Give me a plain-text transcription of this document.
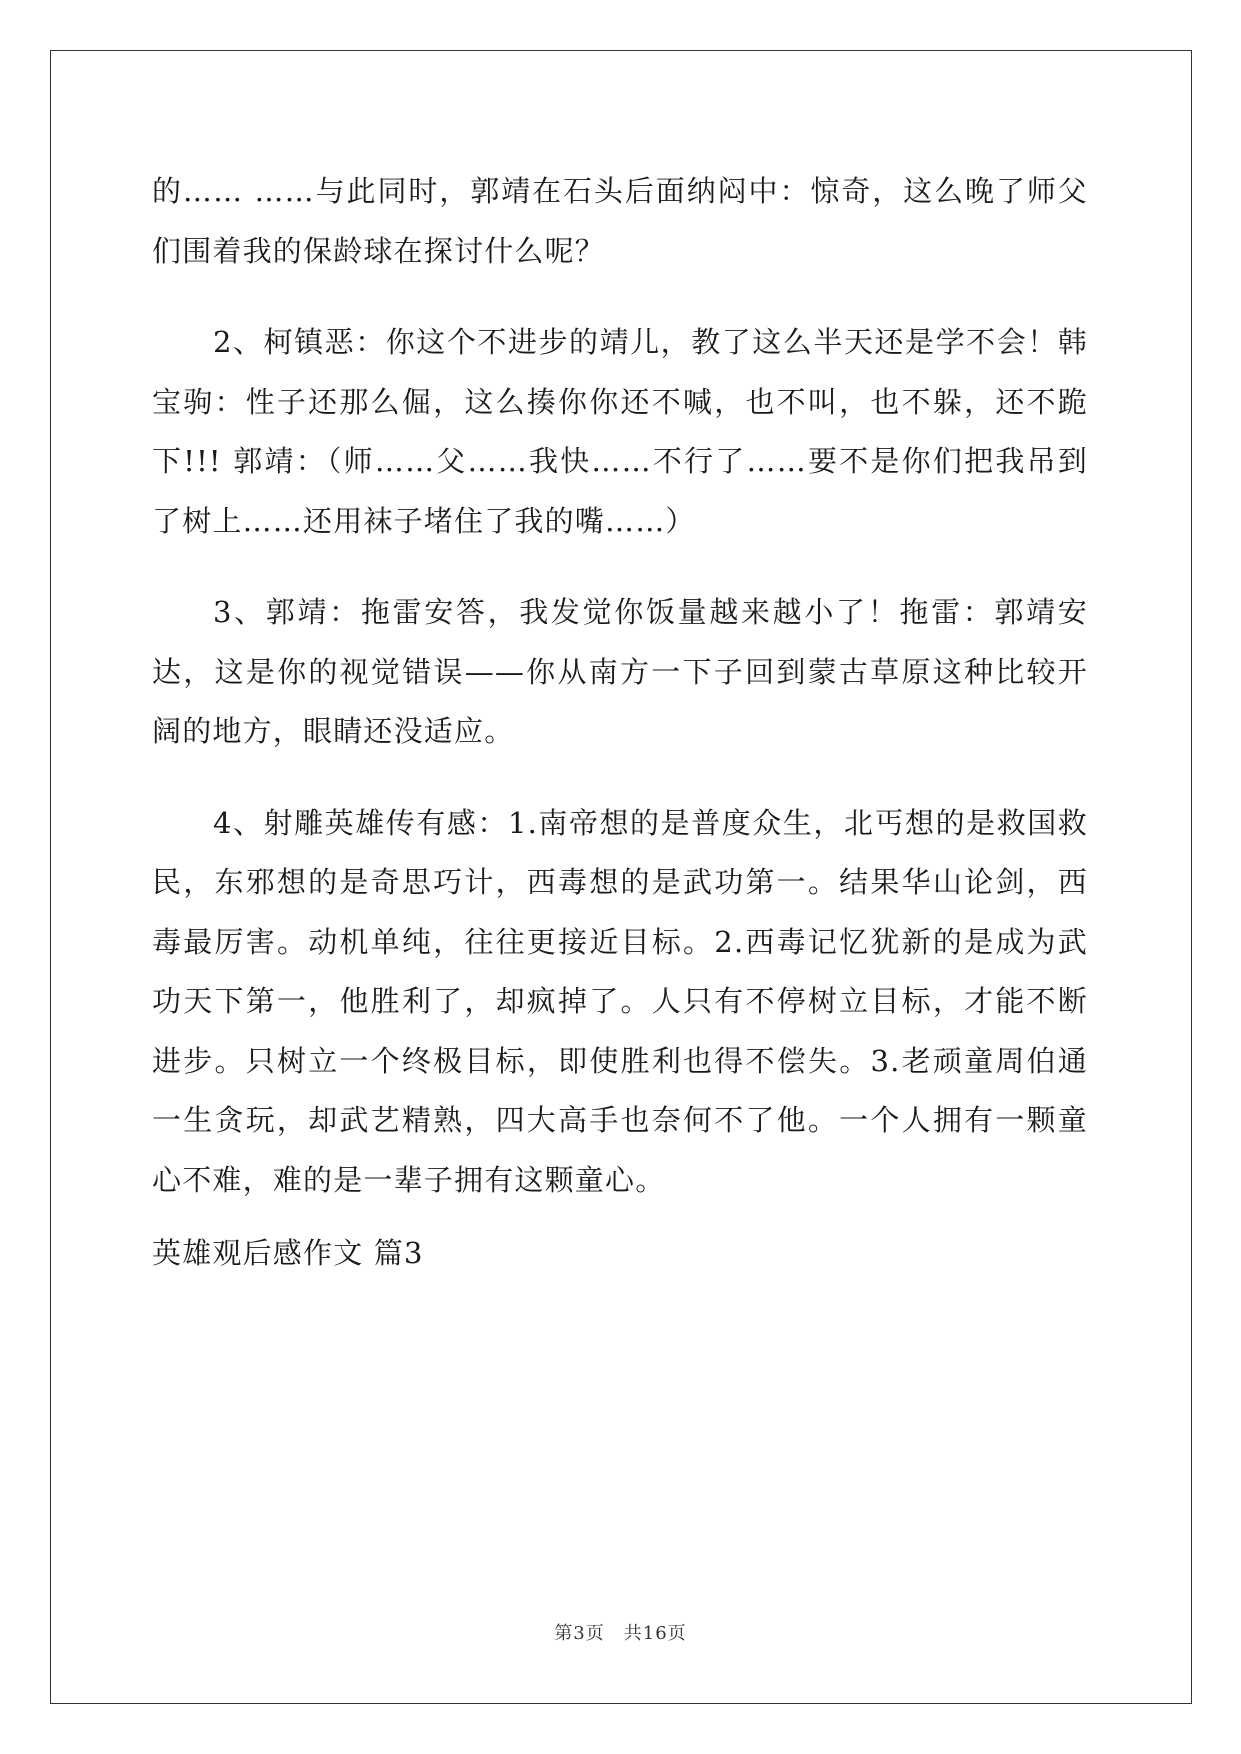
的…… ……与此同时，郭靖在石头后面纳闷中：惊奇，这么晚了师父们围着我的保龄球在探讨什么呢？

2、柯镇恶：你这个不进步的靖儿，教了这么半天还是学不会！韩宝驹：性子还那么倔，这么揍你你还不喊，也不叫，也不躲，还不跪下!!! 郭靖：（师……父……我快……不行了……要不是你们把我吊到了树上……还用袜子堵住了我的嘴……）

3、郭靖：拖雷安答，我发觉你饭量越来越小了！拖雷：郭靖安达，这是你的视觉错误——你从南方一下子回到蒙古草原这种比较开阔的地方，眼睛还没适应。

4、射雕英雄传有感：1.南帝想的是普度众生，北丐想的是救国救民，东邪想的是奇思巧计，西毒想的是武功第一。结果华山论剑，西毒最厉害。动机单纯，往往更接近目标。2.西毒记忆犹新的是成为武功天下第一，他胜利了，却疯掉了。人只有不停树立目标，才能不断进步。只树立一个终极目标，即使胜利也得不偿失。3.老顽童周伯通一生贪玩，却武艺精熟，四大高手也奈何不了他。一个人拥有一颗童心不难，难的是一辈子拥有这颗童心。

英雄观后感作文 篇3

第3页　共16页
